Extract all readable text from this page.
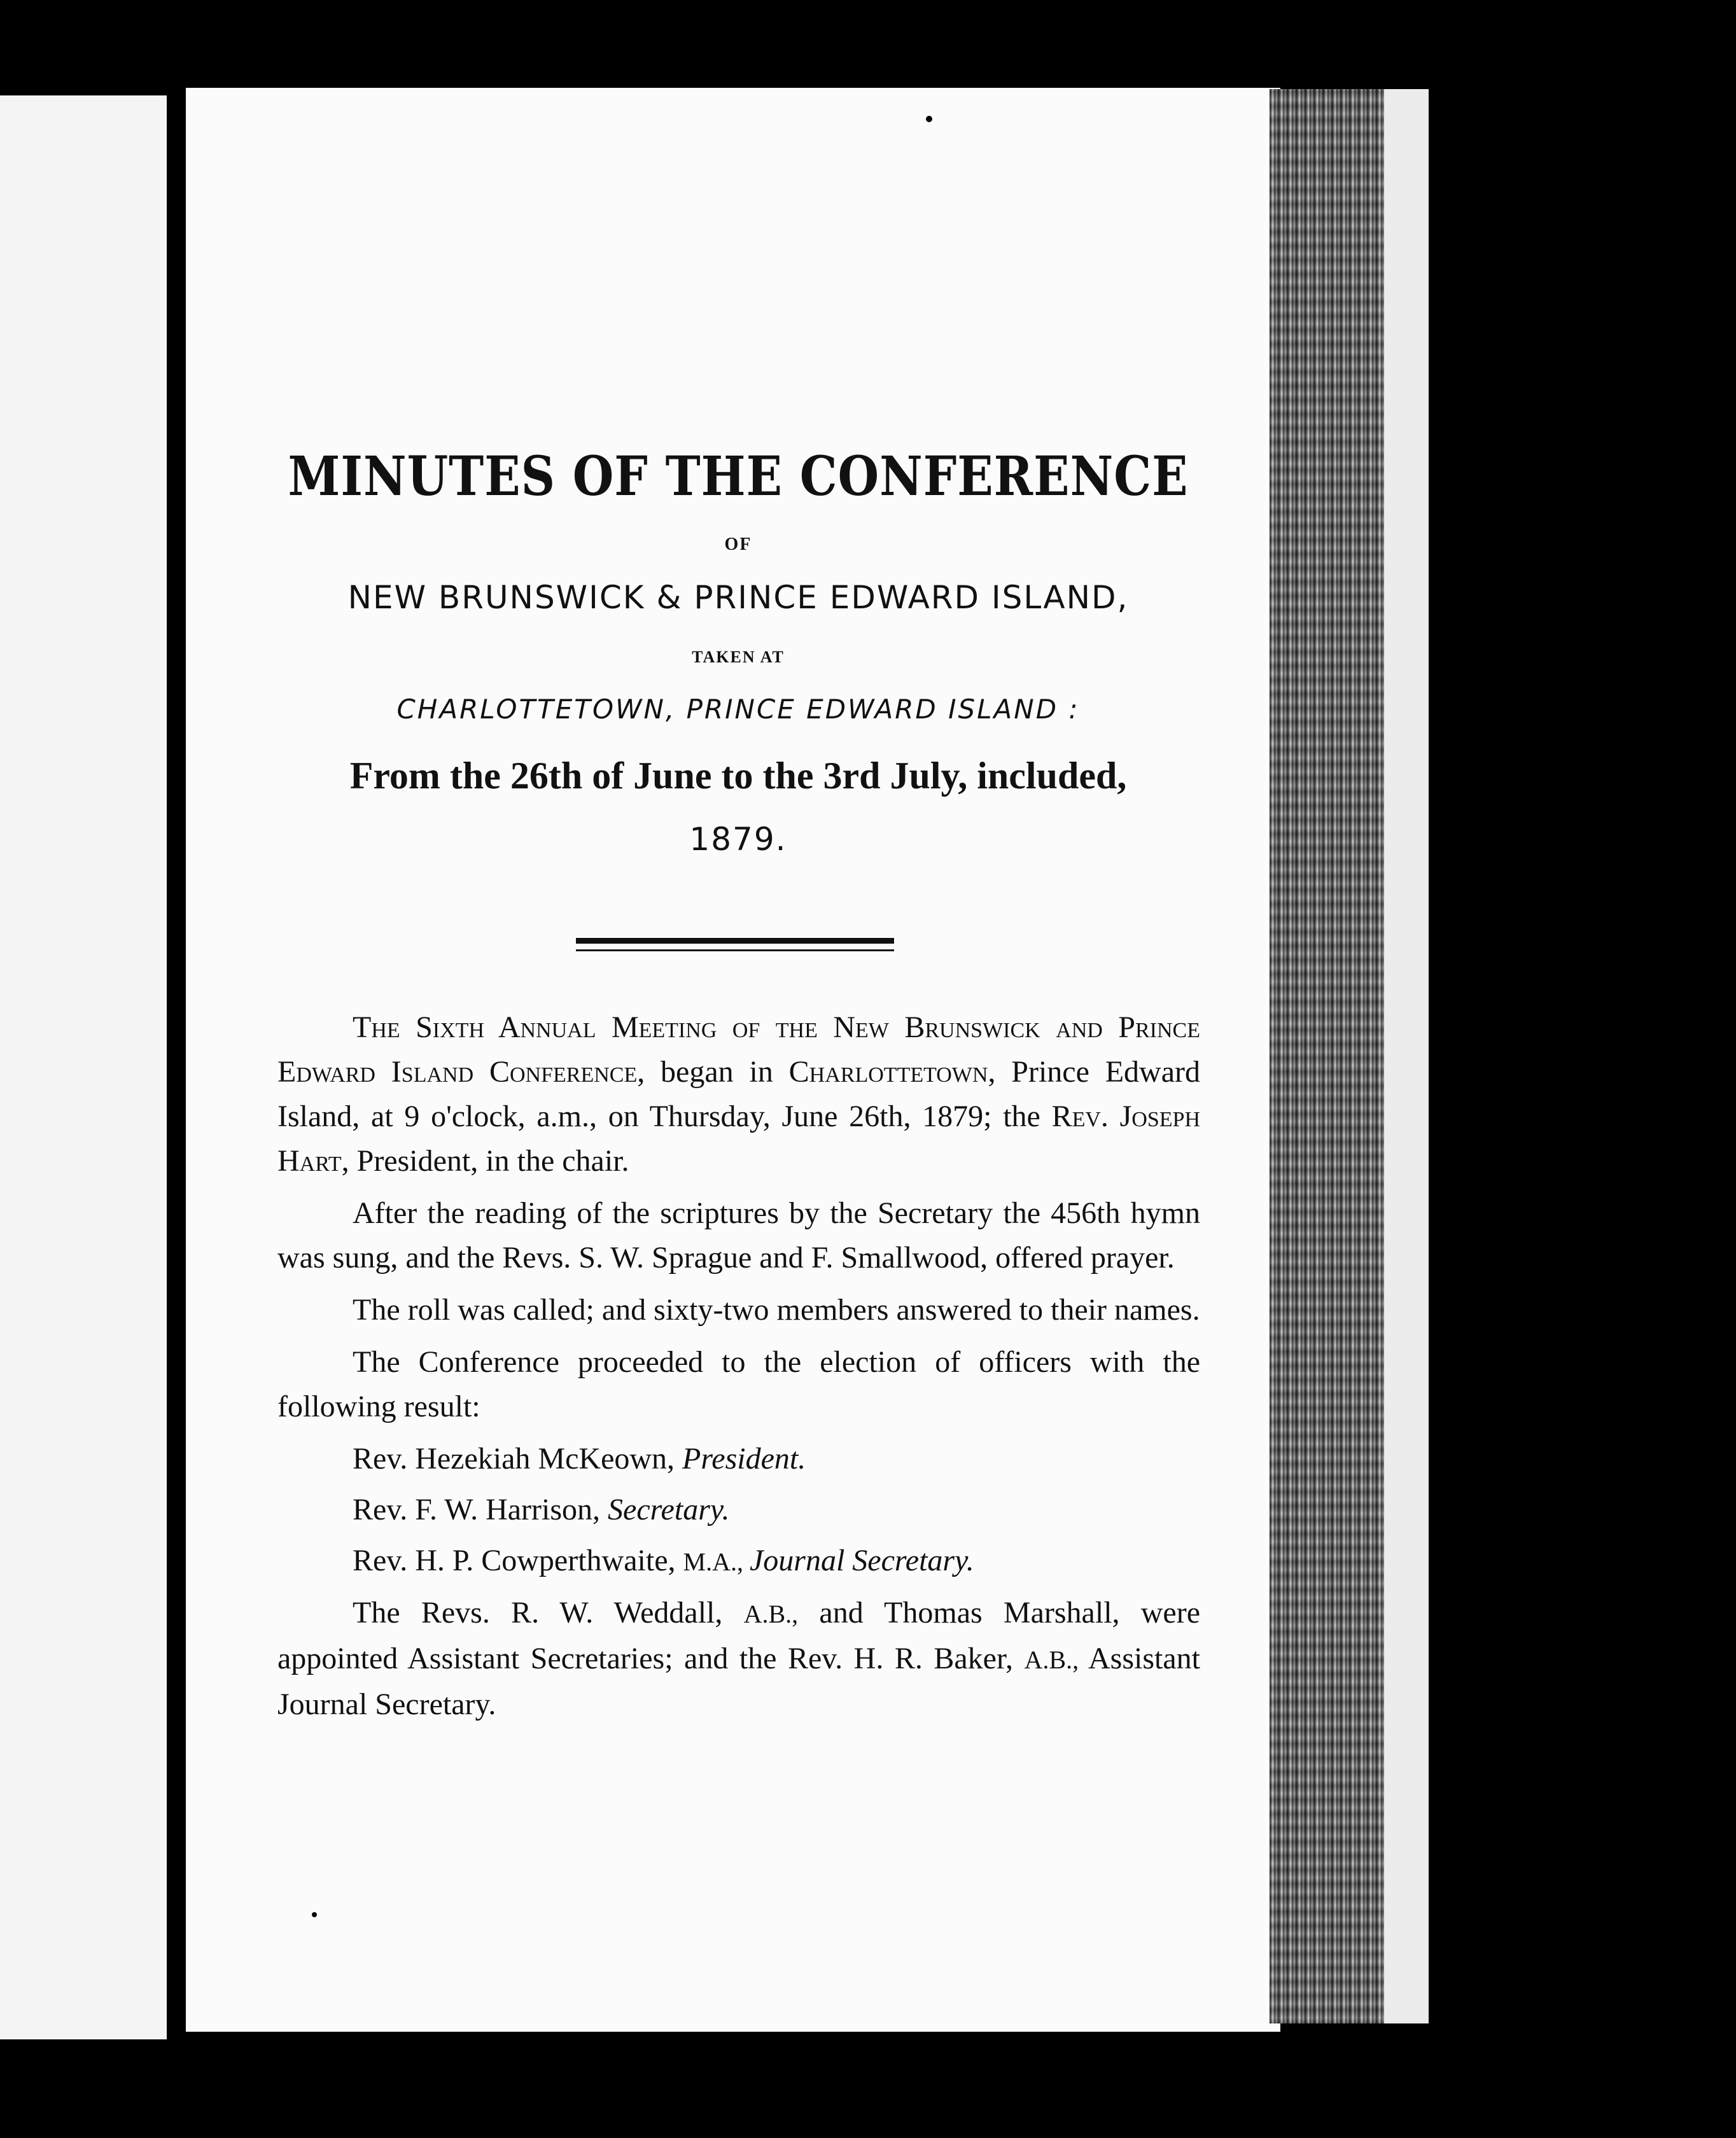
MINUTES OF THE CONFERENCE
OF
NEW BRUNSWICK & PRINCE EDWARD ISLAND,
TAKEN AT
CHARLOTTETOWN, PRINCE EDWARD ISLAND :
From the 26th of June to the 3rd July, included,
1879.

The Sixth Annual Meeting of the New Brunswick and Prince Edward Island Conference, began in Charlottetown, Prince Edward Island, at 9 o'clock, a.m., on Thursday, June 26th, 1879; the Rev. Joseph Hart, President, in the chair.

After the reading of the scriptures by the Secretary the 456th hymn was sung, and the Revs. S. W. Sprague and F. Smallwood, offered prayer.

The roll was called; and sixty-two members answered to their names.

The Conference proceeded to the election of officers with the following result:

Rev. Hezekiah McKeown, President.
Rev. F. W. Harrison, Secretary.
Rev. H. P. Cowperthwaite, M.A., Journal Secretary.

The Revs. R. W. Weddall, A.B., and Thomas Marshall, were appointed Assistant Secretaries; and the Rev. H. R. Baker, A.B., Assistant Journal Secretary.
